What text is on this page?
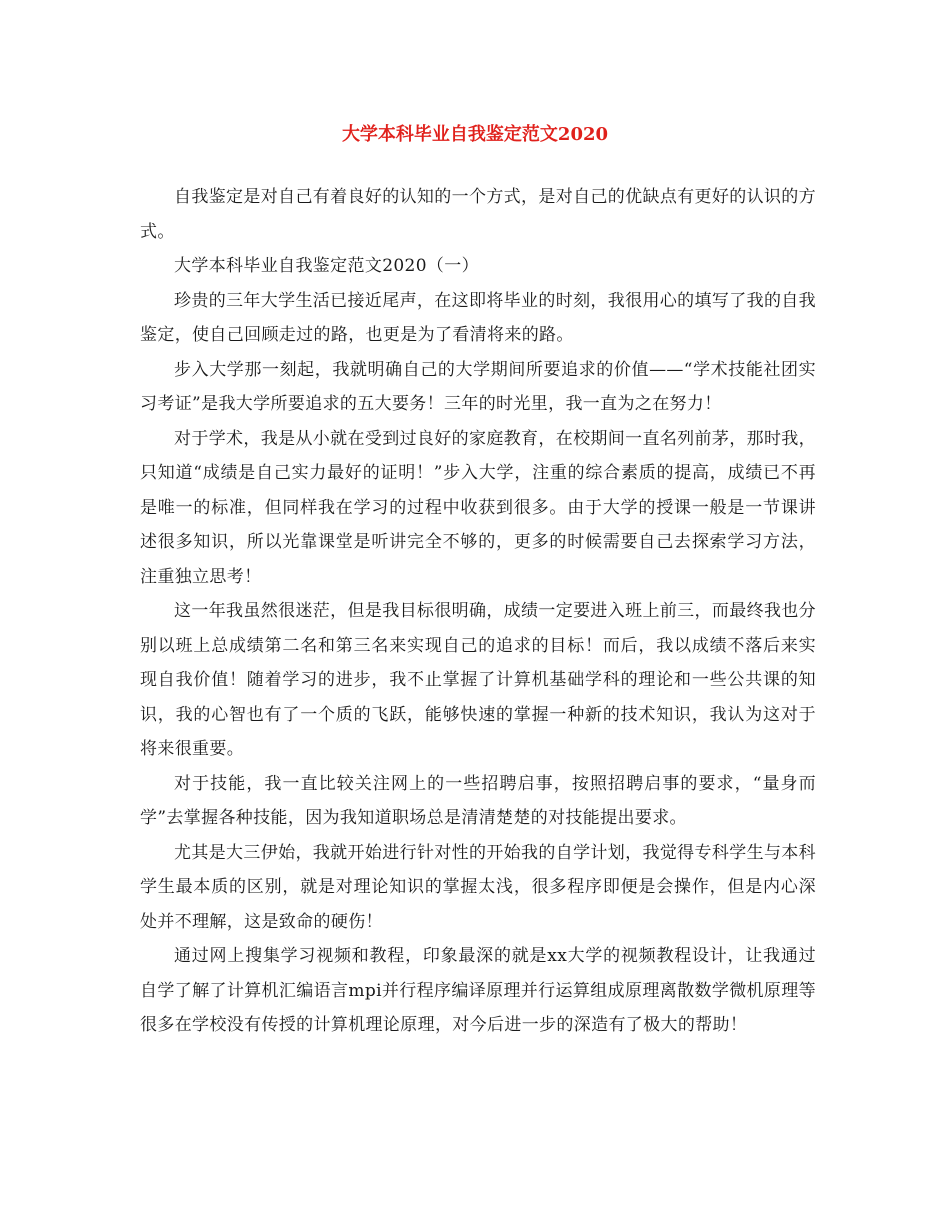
大学本科毕业自我鉴定范文2020

自我鉴定是对自己有着良好的认知的一个方式，是对自己的优缺点有更好的认识的方式。

大学本科毕业自我鉴定范文2020（一）

珍贵的三年大学生活已接近尾声，在这即将毕业的时刻，我很用心的填写了我的自我鉴定，使自己回顾走过的路，也更是为了看清将来的路。

步入大学那一刻起，我就明确自己的大学期间所要追求的价值——“学术技能社团实习考证”是我大学所要追求的五大要务！三年的时光里，我一直为之在努力！

对于学术，我是从小就在受到过良好的家庭教育，在校期间一直名列前茅，那时我，只知道“成绩是自己实力最好的证明！”步入大学，注重的综合素质的提高，成绩已不再是唯一的标准，但同样我在学习的过程中收获到很多。由于大学的授课一般是一节课讲述很多知识，所以光靠课堂是听讲完全不够的，更多的时候需要自己去探索学习方法，注重独立思考！

这一年我虽然很迷茫，但是我目标很明确，成绩一定要进入班上前三，而最终我也分别以班上总成绩第二名和第三名来实现自己的追求的目标！而后，我以成绩不落后来实现自我价值！随着学习的进步，我不止掌握了计算机基础学科的理论和一些公共课的知识，我的心智也有了一个质的飞跃，能够快速的掌握一种新的技术知识，我认为这对于将来很重要。

对于技能，我一直比较关注网上的一些招聘启事，按照招聘启事的要求，“量身而学”去掌握各种技能，因为我知道职场总是清清楚楚的对技能提出要求。

尤其是大三伊始，我就开始进行针对性的开始我的自学计划，我觉得专科学生与本科学生最本质的区别，就是对理论知识的掌握太浅，很多程序即便是会操作，但是内心深处并不理解，这是致命的硬伤！

通过网上搜集学习视频和教程，印象最深的就是xx大学的视频教程设计，让我通过自学了解了计算机汇编语言mpi并行程序编译原理并行运算组成原理离散数学微机原理等很多在学校没有传授的计算机理论原理，对今后进一步的深造有了极大的帮助！
